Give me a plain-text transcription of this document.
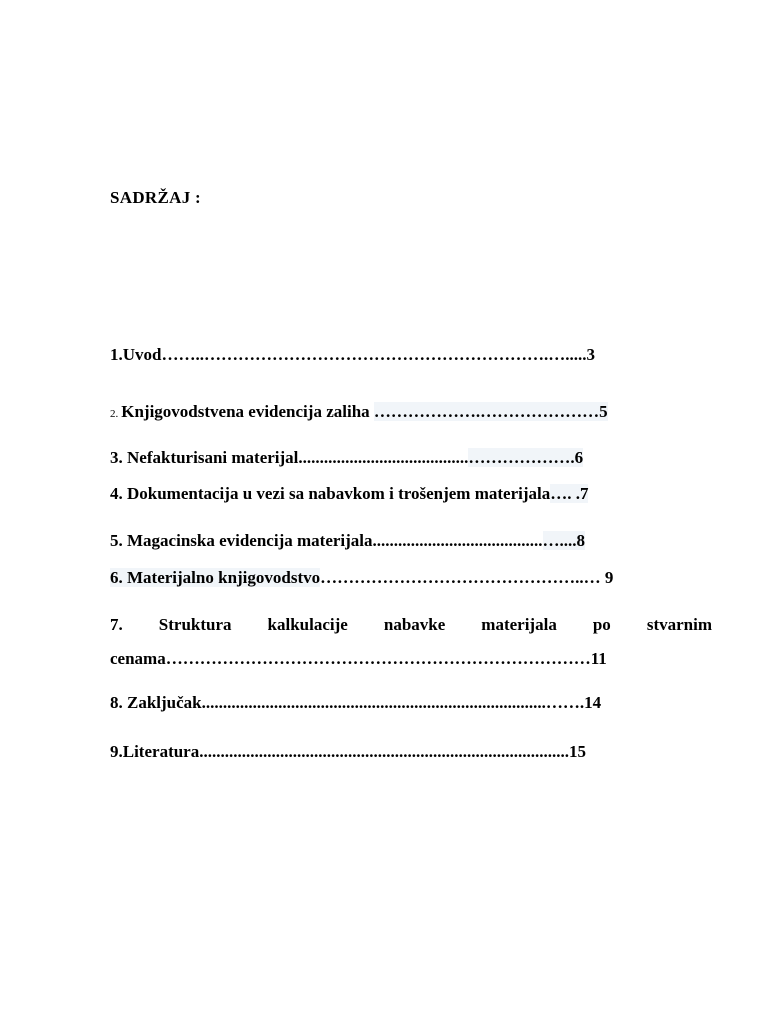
SADRŽAJ :
1.Uvod……..…………………………………………………….….....3
2. Knjigovodstvena evidencija zaliha ……………….…………………5
3. Nefakturisani materijal........................................……………….6
4. Dokumentacija u vezi sa nabavkom i trošenjem materijala…. .7
5. Magacinska evidencija materijala........................................…....8
6. Materijalno knjigovodstvo………………………………………..… 9
7. Struktura kalkulacije nabavke materijala po stvarnim
cenama…………………………………………………………………11
8. Zaključak.................................................................................…….14
9.Literatura.......................................................................................15
